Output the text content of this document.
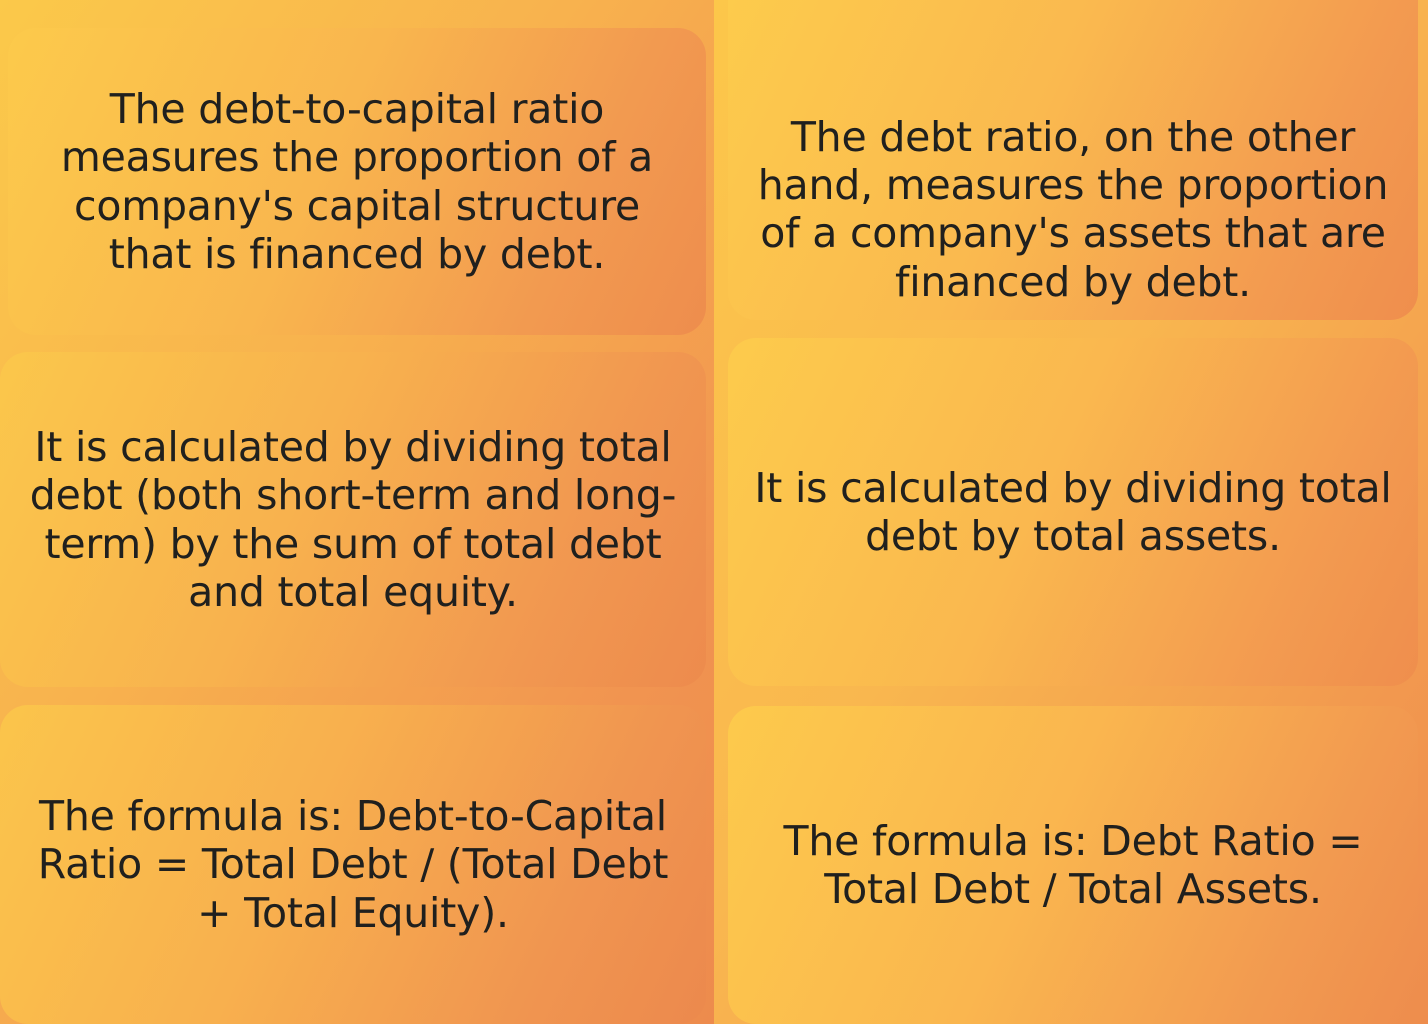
The debt-to-capital ratio measures the proportion of a company's capital structure that is financed by debt.

It is calculated by dividing total debt (both short-term and long-term) by the sum of total debt and total equity.

The formula is: Debt-to-Capital Ratio = Total Debt / (Total Debt + Total Equity).

The debt ratio, on the other hand, measures the proportion of a company's assets that are financed by debt.

It is calculated by dividing total debt by total assets.

The formula is: Debt Ratio = Total Debt / Total Assets.
